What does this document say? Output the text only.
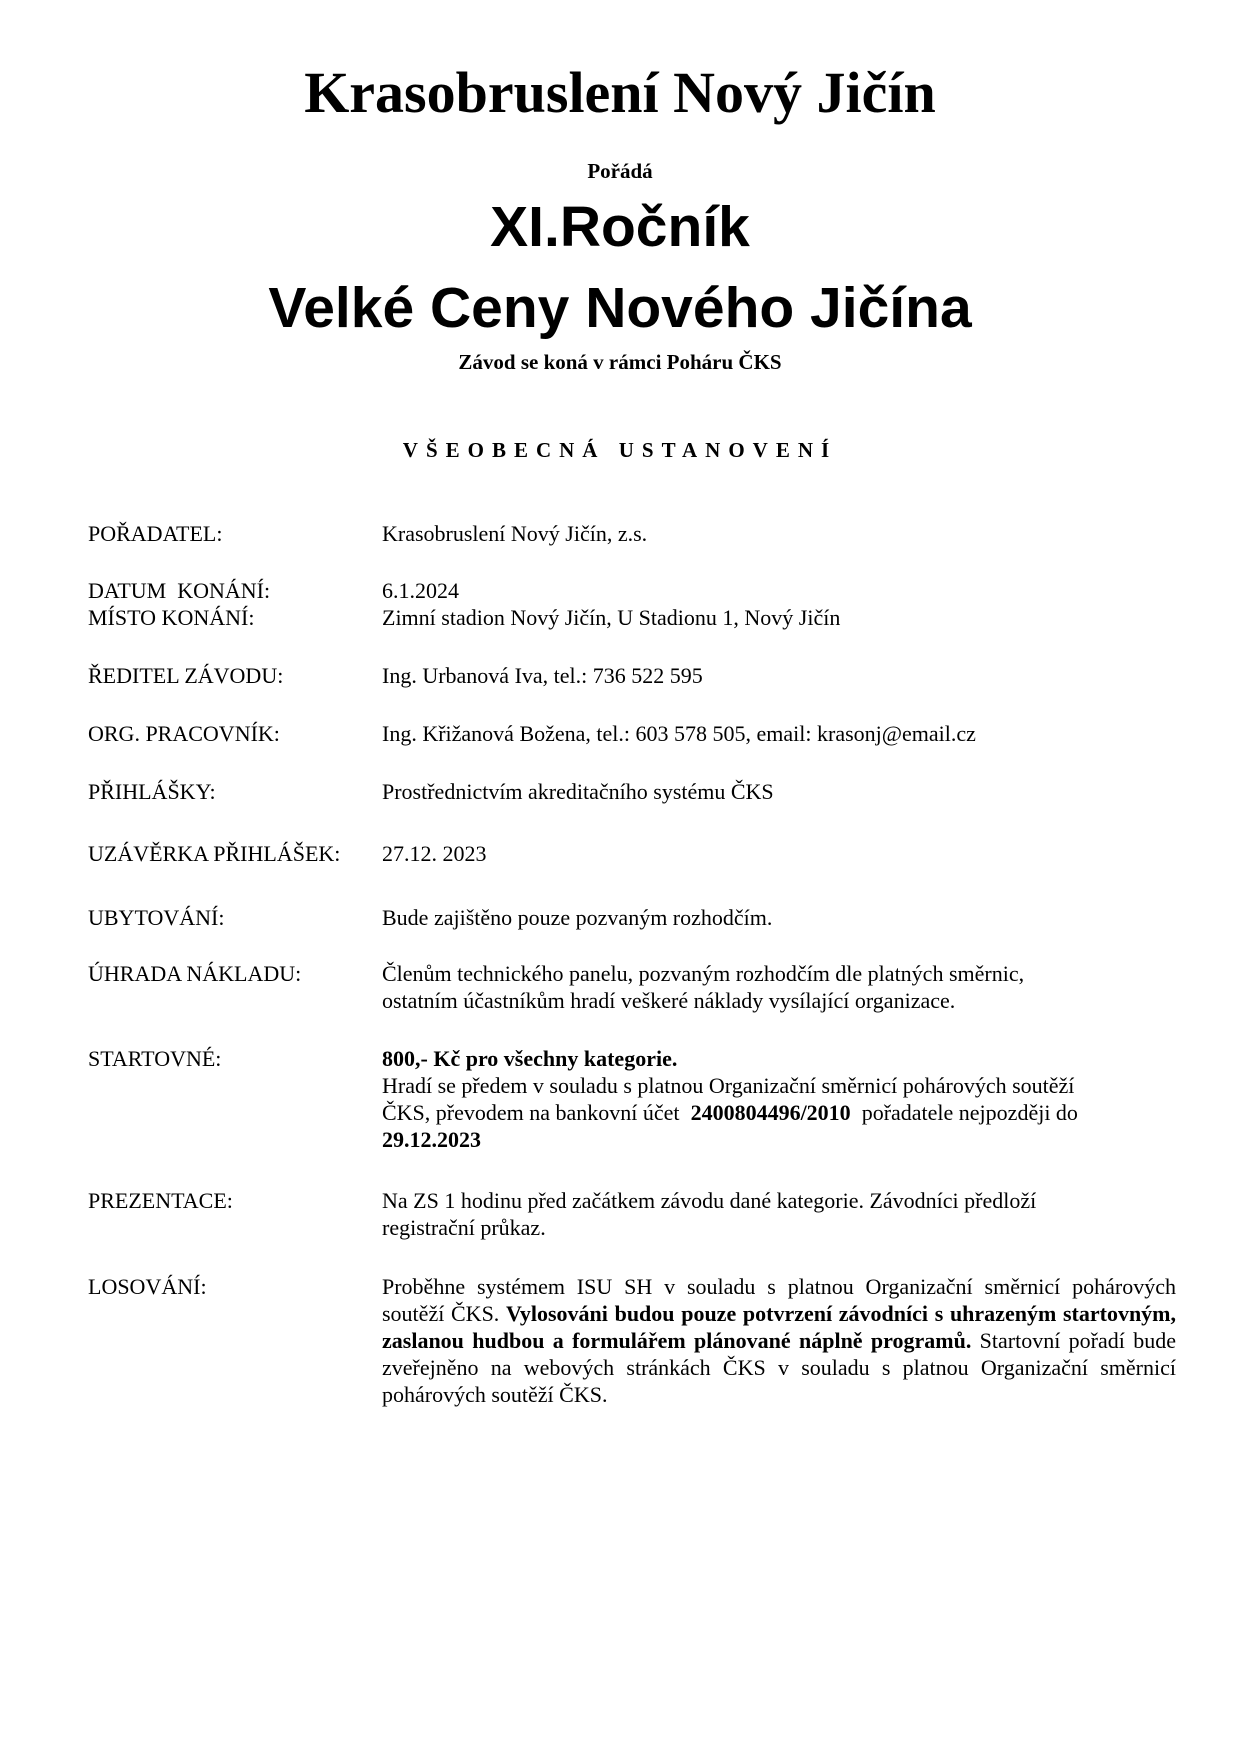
Krasobruslení Nový Jičín
Pořádá
XI.Ročník
Velké Ceny Nového Jičína
Závod se koná v rámci Poháru ČKS
VŠEOBECNÁ USTANOVENÍ
POŘADATEL:	Krasobruslení Nový Jičín, z.s.
DATUM  KONÁNÍ:	6.1.2024
MÍSTO KONÁNÍ:	Zimní stadion Nový Jičín, U Stadionu 1, Nový Jičín
ŘEDITEL ZÁVODU:	Ing. Urbanová Iva, tel.: 736 522 595
ORG. PRACOVNÍK:	Ing. Křižanová Božena, tel.: 603 578 505, email: krasonj@email.cz
PŘIHLÁŠKY:	Prostřednictvím akreditačního systému ČKS
UZÁVĚRKA PŘIHLÁŠEK: 27.12. 2023
UBYTOVÁNÍ:	Bude zajištěno pouze pozvaným rozhodčím.
ÚHRADA NÁKLADU:	Členům technického panelu, pozvaným rozhodčím dle platných směrnic,
ostatním účastníkům hradí veškeré náklady vysílající organizace.
STARTOVNÉ:	800,- Kč pro všechny kategorie.
Hradí se předem v souladu s platnou Organizační směrnicí pohárových soutěží
ČKS, převodem na bankovní účet  2400804496/2010  pořadatele nejpozději do
29.12.2023
PREZENTACE:	Na ZS 1 hodinu před začátkem závodu dané kategorie. Závodníci předloží
registrační průkaz.
LOSOVÁNÍ:	Proběhne systémem ISU SH v souladu s platnou Organizační směrnicí pohárových soutěží ČKS. Vylosováni budou pouze potvrzení závodníci s uhrazeným startovným, zaslanou hudbou a formulářem plánované náplně programů. Startovní pořadí bude zveřejněno na webových stránkách ČKS v souladu s platnou Organizační směrnicí pohárových soutěží ČKS.
